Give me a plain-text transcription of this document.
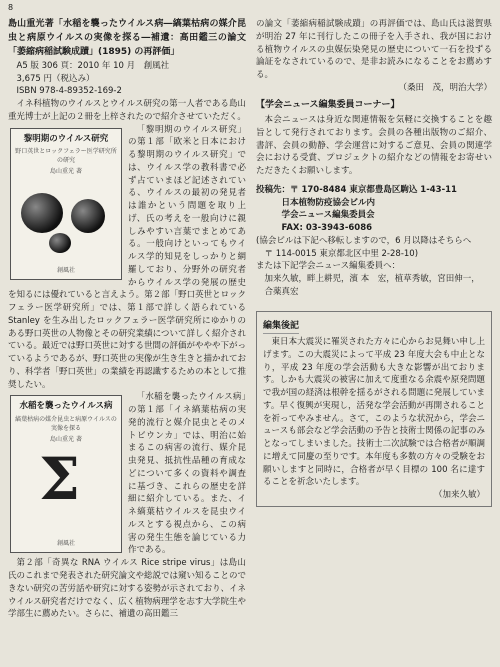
8

島山重光著「水稲を襲ったウイルス病―縞葉枯病の媒介昆虫と病原ウイルスの実像を探る―補遺：高田鑑三の論文「萎縮病稲試験成蹟」(1895) の再評価」

A5 版 306 頁：2010 年 10 月　創風社
3,675 円（税込み）
ISBN 978-4-89352-169-2

イネ科植物のウイルスとウイルス研究の第一人者である島山重光博士が上記の２冊を上梓されたので紹介させていただく。

黎明期のウイルス研究
野口英世とロックフェラー医学研究所の研究
島山重光 著
創風社

「黎明期のウイルス研究」の第１部「欧米と日本における黎明期のウイルス研究」では、ウイルス学の教科書で必ず占ていまほど記述されている、ウイルスの最初の発見者は誰かという問題を取り上げ、氏の考えを一般向けに親しみやすい言葉でまとめてある。一般向けといってもウイルス学的知見をしっかりと網羅しており、分野外の研究者からウイルス学の発展の歴史を知るには優れていると言えよう。第２部「野口英世とロックフェラー医学研究所」では、第１部で詳しく語られている Stanley を生み出したロックフェラー医学研究所にゆかりのある野口英世の人物像とその研究業績について詳しく紹介されている。最近では野口英世に対する世間の評価がややや下がっているようであるが、野口英世の実像が生き生きと描かれており、科学者「野口英世」の業績を再認識するための本として推奨したい。

水稲を襲ったウイルス病
縞葉枯病の媒介昆虫と病原ウイルスの実像を探る
島山重光 著
Σ
創風社

「水稲を襲ったウイルス病」の第１部「イネ縞葉枯病の実発的流行と媒介昆虫とそのメトビウンカ」では、明治に始まるこの病害の流行、媒介昆虫発見、抵抗性品種の育成などについて多くの資料や調査に基づき、これらの歴史を詳細に紹介している。また、イネ縞葉枯ウイルスを昆虫ウイルスとする視点から、この病害の発生生態を論じている力作である。

第２部「奇異な RNA ウイルス Rice stripe virus」は島山氏のこれまで発表された研究論文や総説では窺い知ることのできない研究の苦労話や研究に対する姿勢が示されており、イネウイルス研究者だけでなく、広く植物病理学を志す大学院生や学部生に薦めたい。さらに、補遺の高田鑑三

の論文「萎縮病稲試験成蹟」の再評価では、島山氏は滋賀県が明治 27 年に刊行したこの冊子を入手され、我が国における植物ウイルスの虫媒伝染発見の歴史について一石を投ずる論証をなされているので、是非お読みになることをお薦めする。

（桑田　茂，明治大学）

【学会ニュース編集委員コーナー】

本会ニュースは身近な関連情報を気軽に交換することを趣旨として発行されております。会員の各種出版物のご紹介、書評、会員の動静、学会運営に対するご意見、会員の関連学会における受賞、プロジェクトの紹介などの情報をお寄せいただきたくお願いします。

投稿先：〒 170-8484 東京都豊島区駒込 1-43-11
日本植物防疫協会ビル内
学会ニュース編集委員会
FAX: 03-3943-6086
(協会ビルは下記へ移転しますので，6 月以降はそちらへ
〒 114-0015 東京都北区中里 2-28-10)
または下記学会ニュース編集委員へ：
加来久敏，畔上耕児，濱 本　宏，植草秀敏，宮田伸一，
合薬真宏
編集後記

東日本大震災に罹災された方々に心からお見舞い申し上げます。この大震災によって平成 23 年度大会も中止となり，平成 23 年度の学会活動も大きな影響が出ております。しかも大震災の被害に加えて度重なる余震や原発問題で我が国の経済は根幹を揺るがされる問題に発展しています。早く復興が実現し，活発な学会活動が再開されることを祈ってやみません。さて，このような状況から，学会ニュースも部会など学会活動の予告と技術士関係の記事のみとなってしまいました。技術士二次試験では合格者が順調に増えて同慶の至りです。本年度も多数の方々の受験をお願いしますと同時に，合格者が早く目標の 100 名に達することを祈念いたします。

（加来久敏）
